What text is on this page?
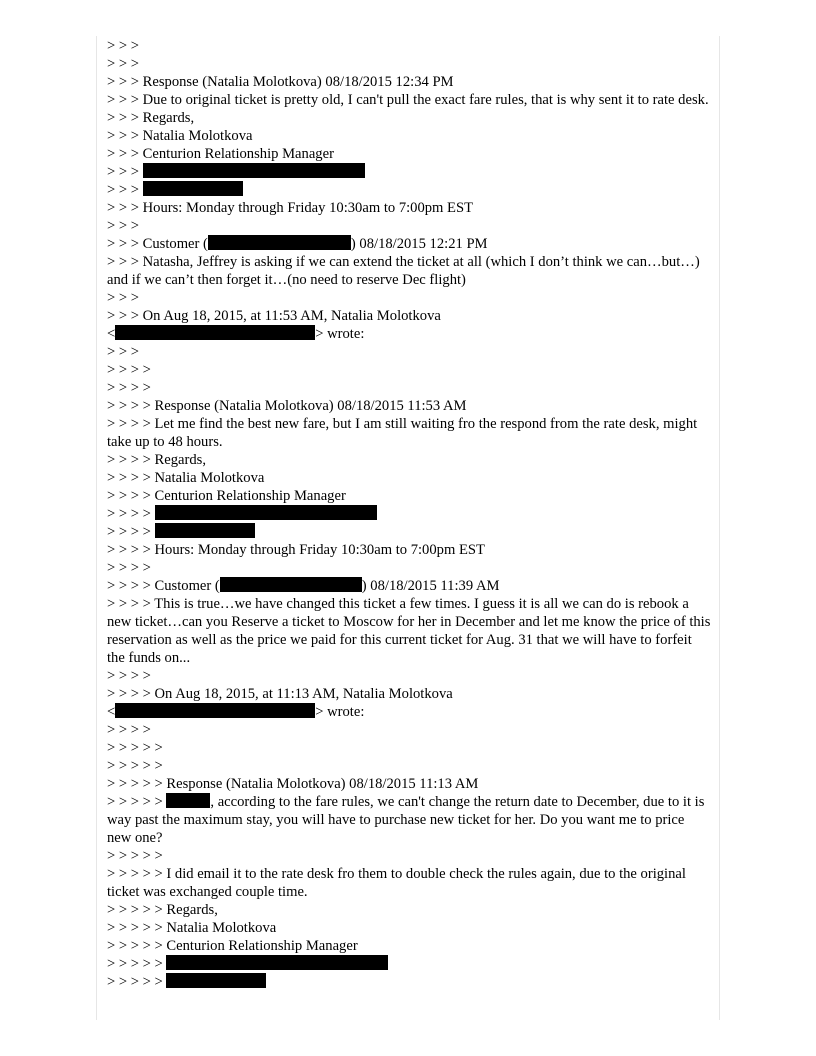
> > >
> > >
> > > Response (Natalia Molotkova) 08/18/2015 12:34 PM
> > > Due to original ticket is pretty old, I can't pull the exact fare rules, that is why sent it to rate desk.
> > > Regards,
> > > Natalia Molotkova
> > > Centurion Relationship Manager
> > >
> > >
> > > Hours: Monday through Friday 10:30am to 7:00pm EST
> > >
> > > Customer (	) 08/18/2015 12:21 PM
> > > Natasha, Jeffrey is asking if we can extend the ticket at all (which I don’t think we can…but…) and if we can’t then forget it…(no need to reserve Dec flight)
> > >
> > > On Aug 18, 2015, at 11:53 AM, Natalia Molotkova
<	> wrote:
> > >
> > > >
> > > >
> > > > Response (Natalia Molotkova) 08/18/2015 11:53 AM
> > > > Let me find the best new fare, but I am still waiting fro the respond from the rate desk, might take up to 48 hours.
> > > > Regards,
> > > > Natalia Molotkova
> > > > Centurion Relationship Manager
> > > >
> > > >
> > > > Hours: Monday through Friday 10:30am to 7:00pm EST
> > > >
> > > > Customer (	) 08/18/2015 11:39 AM
> > > > This is true…we have changed this ticket a few times. I guess it is all we can do is rebook a new ticket…can you Reserve a ticket to Moscow for her in December and let me know the price of this reservation as well as the price we paid for this current ticket for Aug. 31 that we will have to forfeit the funds on...
> > > >
> > > > On Aug 18, 2015, at 11:13 AM, Natalia Molotkova
<	> wrote:
> > > >
> > > > >
> > > > >
> > > > > Response (Natalia Molotkova) 08/18/2015 11:13 AM
> > > > >	, according to the fare rules, we can't change the return date to December, due to it is way past the maximum stay, you will have to purchase new ticket for her. Do you want me to price new one?
> > > > >
> > > > > I did email it to the rate desk fro them to double check the rules again, due to the original ticket was exchanged couple time.
> > > > > Regards,
> > > > > Natalia Molotkova
> > > > > Centurion Relationship Manager
> > > > >
> > > > >
